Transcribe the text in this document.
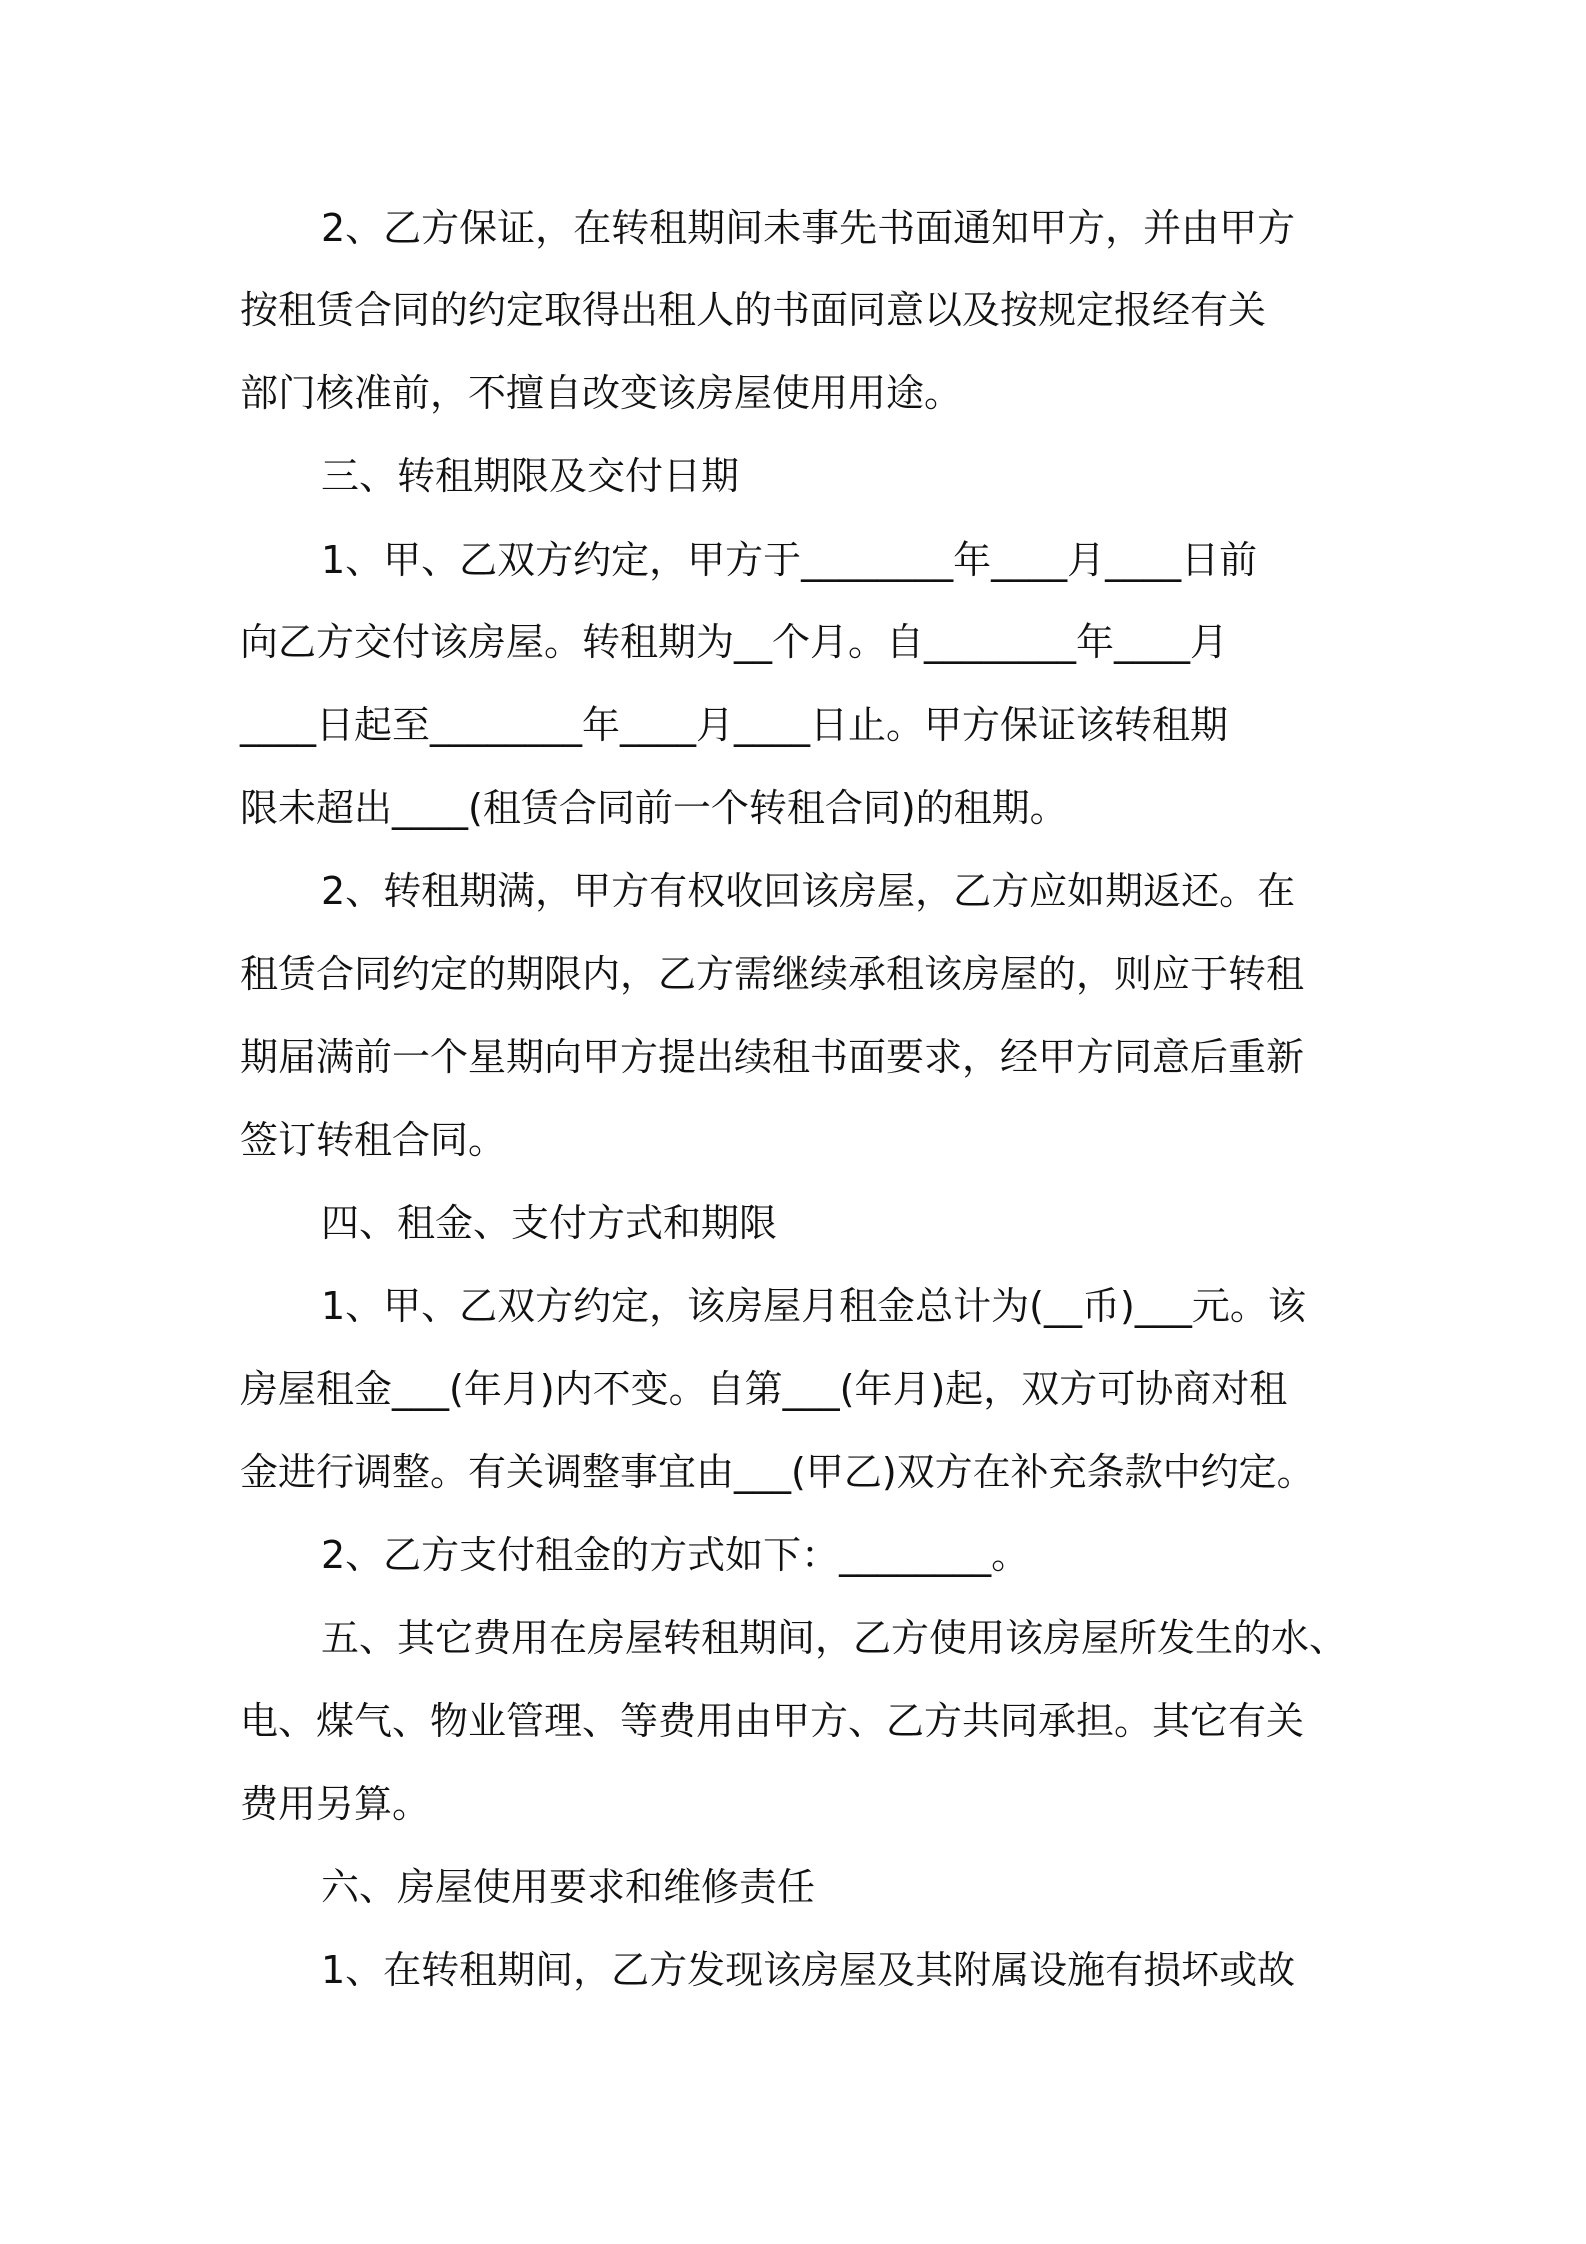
2、乙方保证，在转租期间未事先书面通知甲方，并由甲方
按租赁合同的约定取得出租人的书面同意以及按规定报经有关
部门核准前，不擅自改变该房屋使用用途。
三、转租期限及交付日期
1、甲、乙双方约定，甲方于________年____月____日前
向乙方交付该房屋。转租期为__个月。自________年____月
____日起至________年____月____日止。甲方保证该转租期
限未超出____(租赁合同前一个转租合同)的租期。
2、转租期满，甲方有权收回该房屋，乙方应如期返还。在
租赁合同约定的期限内，乙方需继续承租该房屋的，则应于转租
期届满前一个星期向甲方提出续租书面要求，经甲方同意后重新
签订转租合同。
四、租金、支付方式和期限
1、甲、乙双方约定，该房屋月租金总计为(__币)___元。该
房屋租金___(年月)内不变。自第___(年月)起，双方可协商对租
金进行调整。有关调整事宜由___(甲乙)双方在补充条款中约定。
2、乙方支付租金的方式如下：________。
五、其它费用在房屋转租期间，乙方使用该房屋所发生的水、
电、煤气、物业管理、等费用由甲方、乙方共同承担。其它有关
费用另算。
六、房屋使用要求和维修责任
1、在转租期间，乙方发现该房屋及其附属设施有损坏或故
